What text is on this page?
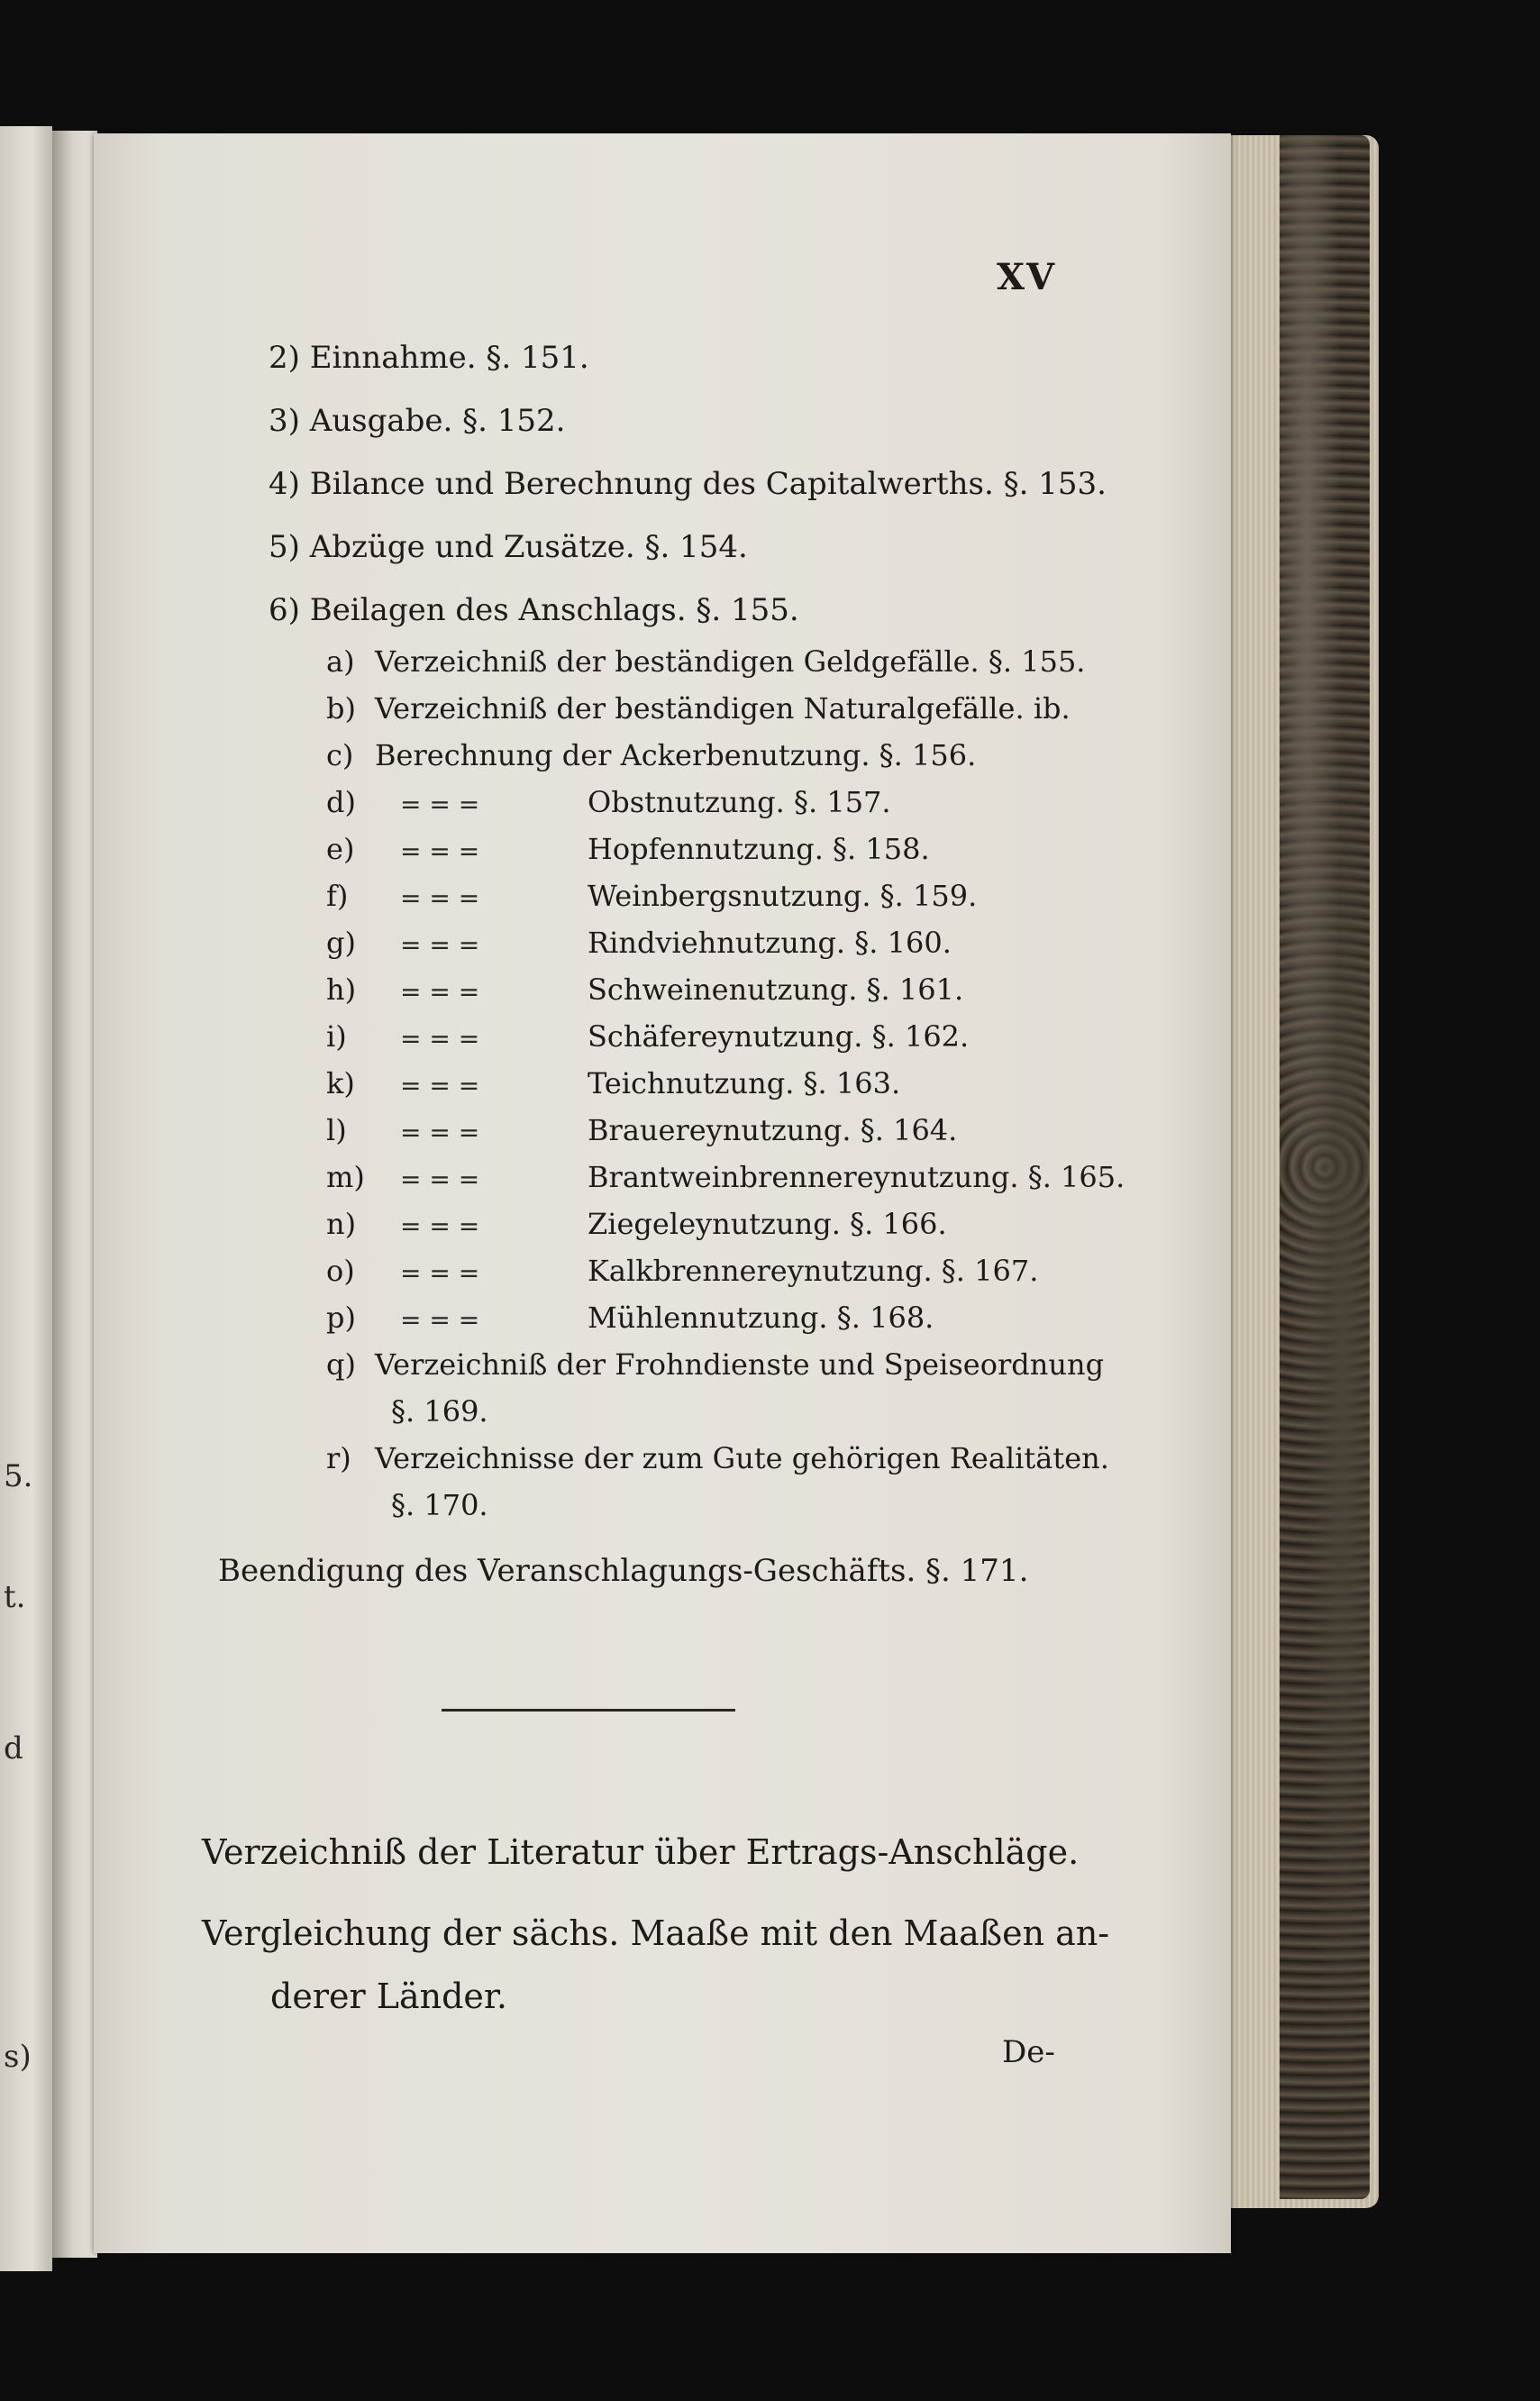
5.
t.
d
s)
XV
2) Einnahme. §. 151.
3) Ausgabe. §. 152.
4) Bilance und Berechnung des Capitalwerths. §. 153.
5) Abzüge und Zusätze. §. 154.
6) Beilagen des Anschlags. §. 155.
a) Verzeichniß der beständigen Geldgefälle. §. 155.
b) Verzeichniß der beständigen Naturalgefälle. ib.
c) Berechnung der Ackerbenutzung. §. 156.
d) = = =	Obstnutzung. §. 157.
e) = = =	Hopfennutzung. §. 158.
f) = = =	Weinbergsnutzung. §. 159.
g) = = =	Rindviehnutzung. §. 160.
h) = = =	Schweinenutzung. §. 161.
i) = = =	Schäfereynutzung. §. 162.
k) = = =	Teichnutzung. §. 163.
l) = = =	Brauereynutzung. §. 164.
m) = = =	Brantweinbrennereynutzung. §. 165.
n) = = =	Ziegeleynutzung. §. 166.
o) = = =	Kalkbrennereynutzung. §. 167.
p) = = =	Mühlennutzung. §. 168.
q) Verzeichniß der Frohndienste und Speiseordnung
§. 169.
r) Verzeichnisse der zum Gute gehörigen Realitäten.
§. 170.
Beendigung des Veranschlagungs-Geschäfts. §. 171.
Verzeichniß der Literatur über Ertrags-Anschläge.
Vergleichung der sächs. Maaße mit den Maaßen an-
derer Länder.
De-
